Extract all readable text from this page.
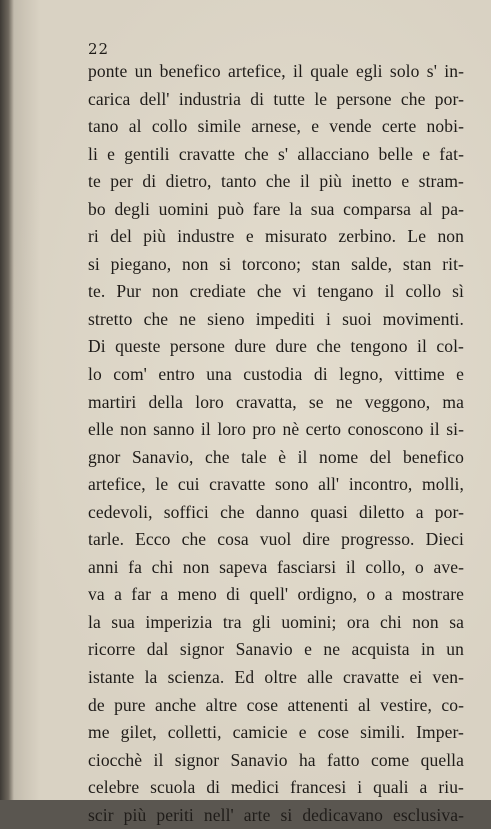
22
ponte un benefico artefice, il quale egli solo s' in-
carica dell' industria di tutte le persone che por-
tano al collo simile arnese, e vende certe nobi-
li e gentili cravatte che s' allacciano belle e fat-
te per di dietro, tanto che il più inetto e stram-
bo degli uomini può fare la sua comparsa al pa-
ri del più industre e misurato zerbino. Le non
si piegano, non si torcono; stan salde, stan rit-
te. Pur non crediate che vi tengano il collo sì
stretto che ne sieno impediti i suoi movimenti.
Di queste persone dure dure che tengono il col-
lo com' entro una custodia di legno, vittime e
martiri della loro cravatta, se ne veggono, ma
elle non sanno il loro pro nè certo conoscono il si-
gnor Sanavio, che tale è il nome del benefico
artefice, le cui cravatte sono all' incontro, molli,
cedevoli, soffici che danno quasi diletto a por-
tarle. Ecco che cosa vuol dire progresso. Dieci
anni fa chi non sapeva fasciarsi il collo, o ave-
va a far a meno di quell' ordigno, o a mostrare
la sua imperizia tra gli uomini; ora chi non sa
ricorre dal signor Sanavio e ne acquista in un
istante la scienza. Ed oltre alle cravatte ei ven-
de pure anche altre cose attenenti al vestire, co-
me gilet, colletti, camicie e cose simili. Imper-
ciocchè il signor Sanavio ha fatto come quella
celebre scuola di medici francesi i quali a riu-
scir più periti nell' arte si dedicavano esclusiva-
